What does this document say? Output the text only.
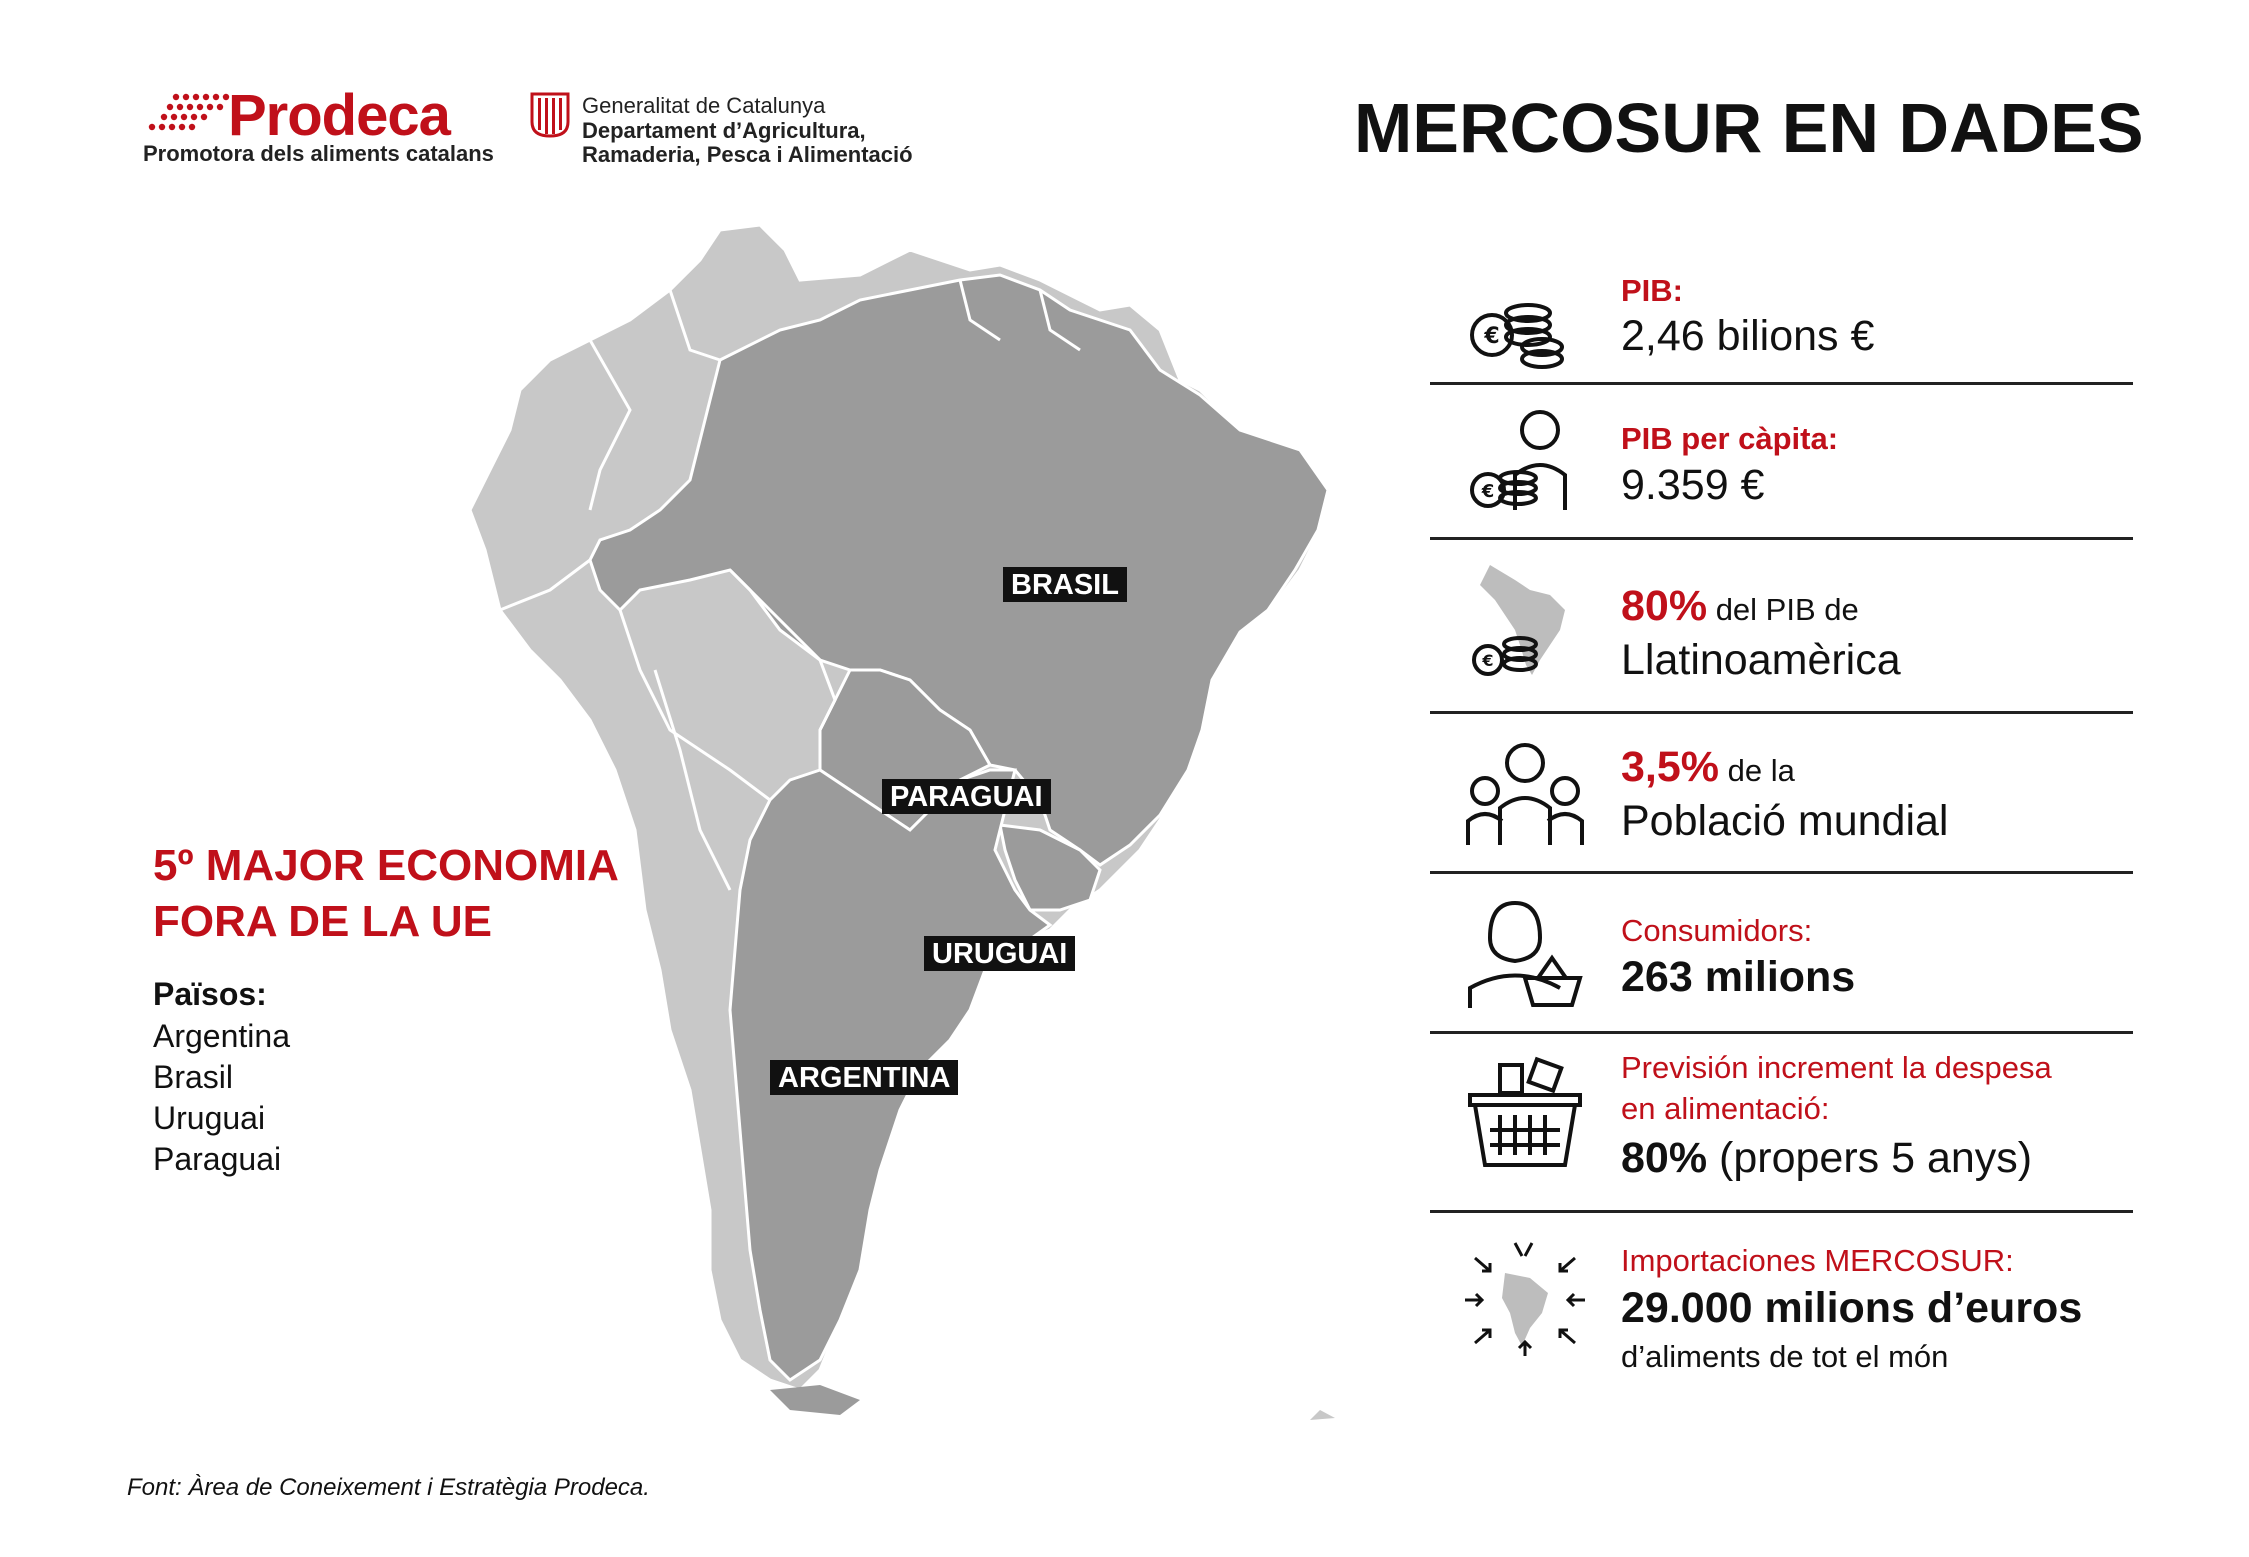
Prodeca
Promotora dels aliments catalans
Generalitat de Catalunya
Departament d’Agricultura,
Ramaderia, Pesca i Alimentació	MERCOSUR EN DADES
BRASIL
PARAGUAI
URUGUAI
ARGENTINA
5º MAJOR ECONOMIA
FORA DE LA UE
Països:
Argentina
Brasil
Uruguai
Paraguai
Font: Àrea de Coneixement i Estratègia Prodeca.
€
PIB:
2,46 bilions €
€
PIB per càpita:
9.359 €
€
80% del PIB de
Llatinoamèrica
3,5% de la
Població mundial
Consumidors:
263 milions
Previsión increment la despesa
en alimentació:
80% (propers 5 anys)
Importaciones MERCOSUR:
29.000 milions d’euros
d’aliments de tot el món
